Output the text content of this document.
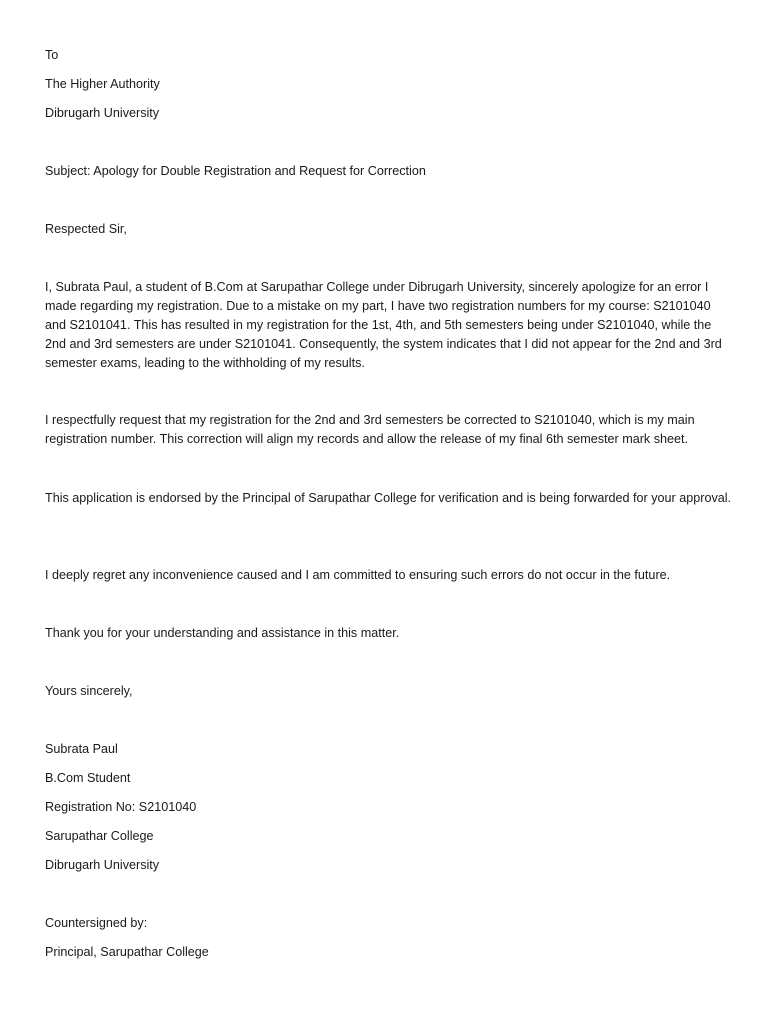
To
The Higher Authority
Dibrugarh University
Subject: Apology for Double Registration and Request for Correction
Respected Sir,
I, Subrata Paul, a student of B.Com at Sarupathar College under Dibrugarh University, sincerely apologize for an error I made regarding my registration. Due to a mistake on my part, I have two registration numbers for my course: S2101040 and S2101041. This has resulted in my registration for the 1st, 4th, and 5th semesters being under S2101040, while the 2nd and 3rd semesters are under S2101041. Consequently, the system indicates that I did not appear for the 2nd and 3rd semester exams, leading to the withholding of my results.
I respectfully request that my registration for the 2nd and 3rd semesters be corrected to S2101040, which is my main registration number. This correction will align my records and allow the release of my final 6th semester mark sheet.
This application is endorsed by the Principal of Sarupathar College for verification and is being forwarded for your approval.
I deeply regret any inconvenience caused and I am committed to ensuring such errors do not occur in the future.
Thank you for your understanding and assistance in this matter.
Yours sincerely,
Subrata Paul
B.Com Student
Registration No: S2101040
Sarupathar College
Dibrugarh University
Countersigned by:
Principal, Sarupathar College
